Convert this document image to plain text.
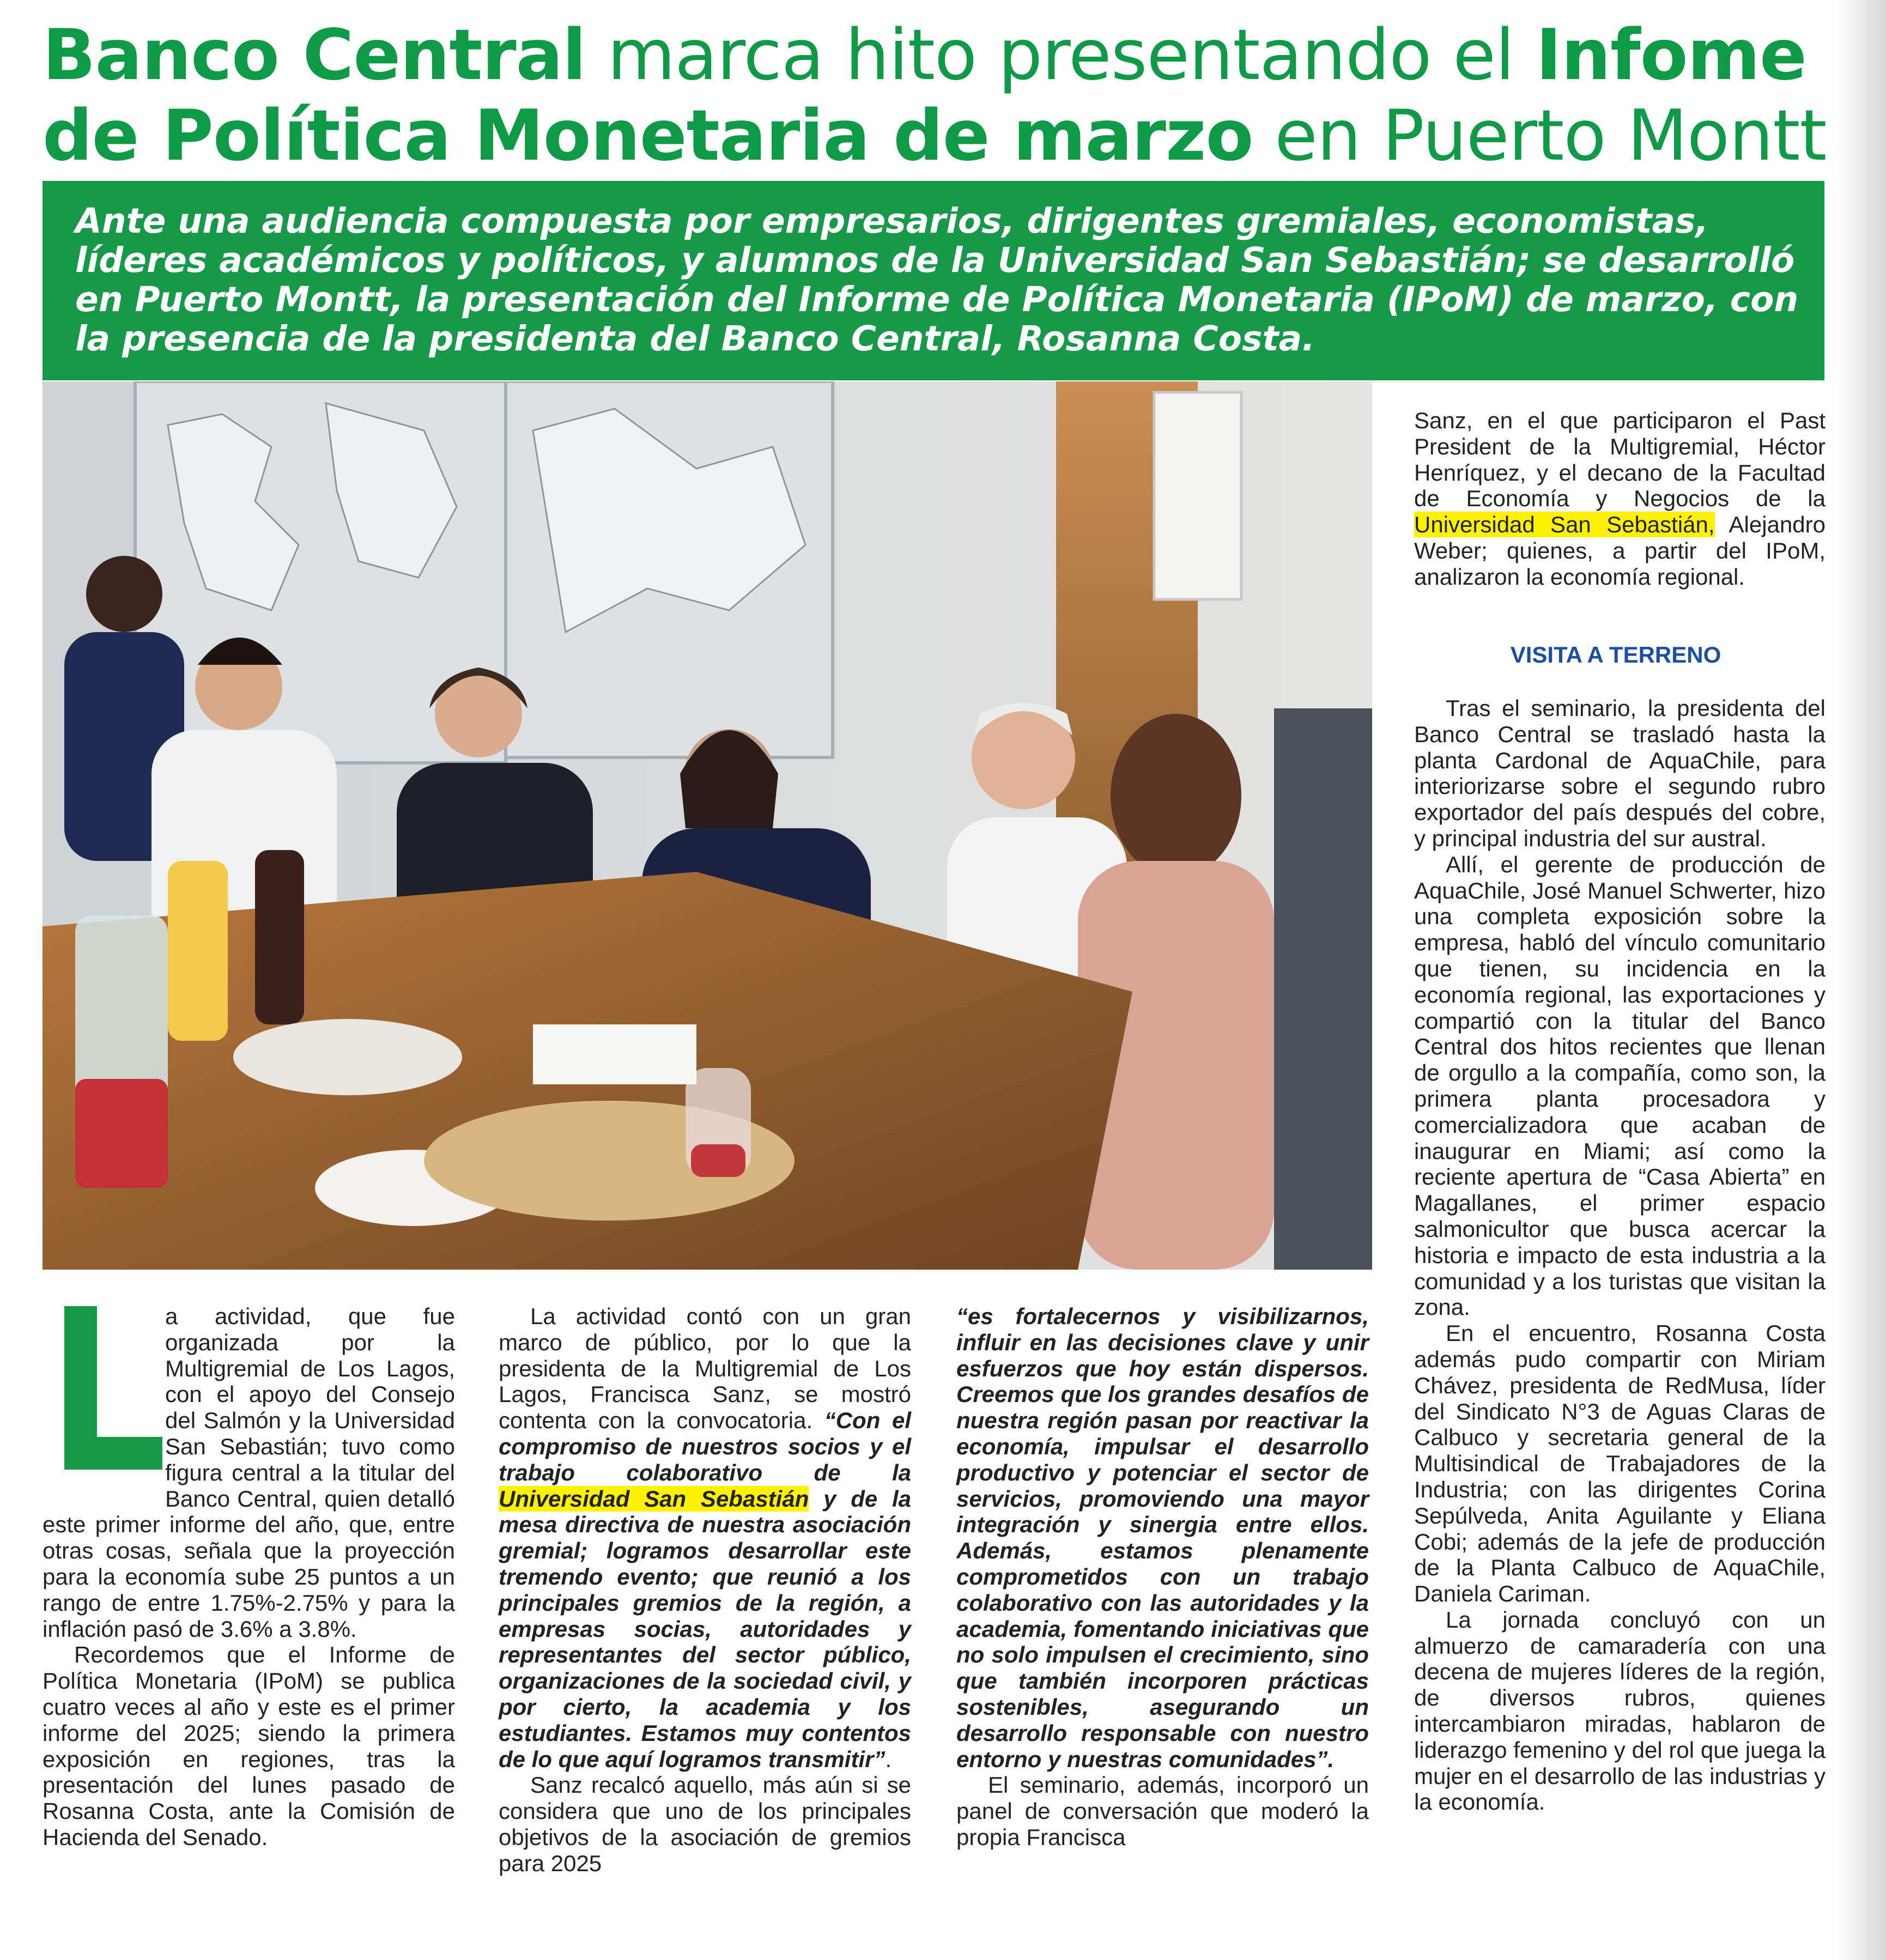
Banco Central marca hito presentando el Infome
de Política Monetaria de marzo en Puerto Montt

Ante una audiencia compuesta por empresarios, dirigentes gremiales, economistas, líderes académicos y políticos, y alumnos de la Universidad San Sebastián; se desarrolló en Puerto Montt, la presentación del Informe de Política Monetaria (IPoM) de marzo, con la presencia de la presidenta del Banco Central, Rosanna Costa.

a actividad, que fue organizada por la Multigremial de Los Lagos, con el apoyo del Consejo del Salmón y la Universidad San Sebastián; tuvo como figura central a la titular del Banco Central, quien detalló este primer informe del año, que, entre otras cosas, señala que la proyección para la economía sube 25 puntos a un rango de entre 1.75%-2.75% y para la inflación pasó de 3.6% a 3.8%.

Recordemos que el Informe de Política Monetaria (IPoM) se publica cuatro veces al año y este es el primer informe del 2025; siendo la primera exposición en regiones, tras la presentación del lunes pasado de Rosanna Costa, ante la Comisión de Hacienda del Senado.

La actividad contó con un gran marco de público, por lo que la presidenta de la Multigremial de Los Lagos, Francisca Sanz, se mostró contenta con la convocatoria. “Con el compromiso de nuestros socios y el trabajo colaborativo de la Universidad San Sebastián y de la mesa directiva de nuestra asociación gremial; logramos desarrollar este tremendo evento; que reunió a los principales gremios de la región, a empresas socias, autoridades y representantes del sector público, organizaciones de la sociedad civil, y por cierto, la academia y los estudiantes. Estamos muy contentos de lo que aquí logramos transmitir”.

Sanz recalcó aquello, más aún si se considera que uno de los principales objetivos de la asociación de gremios para 2025

“es fortalecernos y visibilizarnos, influir en las decisiones clave y unir esfuerzos que hoy están dispersos. Creemos que los grandes desafíos de nuestra región pasan por reactivar la economía, impulsar el desarrollo productivo y potenciar el sector de servicios, promoviendo una mayor integración y sinergia entre ellos. Además, estamos plenamente comprometidos con un trabajo colaborativo con las autoridades y la academia, fomentando iniciativas que no solo impulsen el crecimiento, sino que también incorporen prácticas sostenibles, asegurando un desarrollo responsable con nuestro entorno y nuestras comunidades”.

El seminario, además, incorporó un panel de conversación que moderó la propia Francisca

Sanz, en el que participaron el Past President de la Multigremial, Héctor Henríquez, y el decano de la Facultad de Economía y Negocios de la Universidad San Sebastián, Alejandro Weber; quienes, a partir del IPoM, analizaron la economía regional.

VISITA A TERRENO

Tras el seminario, la presidenta del Banco Central se trasladó hasta la planta Cardonal de AquaChile, para interiorizarse sobre el segundo rubro exportador del país después del cobre, y principal industria del sur austral.

Allí, el gerente de producción de AquaChile, José Manuel Schwerter, hizo una completa exposición sobre la empresa, habló del vínculo comunitario que tienen, su incidencia en la economía regional, las exportaciones y compartió con la titular del Banco Central dos hitos recientes que llenan de orgullo a la compañía, como son, la primera planta procesadora y comercializadora que acaban de inaugurar en Miami; así como la reciente apertura de “Casa Abierta” en Magallanes, el primer espacio salmonicultor que busca acercar la historia e impacto de esta industria a la comunidad y a los turistas que visitan la zona.

En el encuentro, Rosanna Costa además pudo compartir con Miriam Chávez, presidenta de RedMusa, líder del Sindicato N°3 de Aguas Claras de Calbuco y secretaria general de la Multisindical de Trabajadores de la Industria; con las dirigentes Corina Sepúlveda, Anita Aguilante y Eliana Cobi; además de la jefe de producción de la Planta Calbuco de AquaChile, Daniela Cariman.

La jornada concluyó con un almuerzo de camaradería con una decena de mujeres líderes de la región, de diversos rubros, quienes intercambiaron miradas, hablaron de liderazgo femenino y del rol que juega la mujer en el desarrollo de las industrias y la economía.
